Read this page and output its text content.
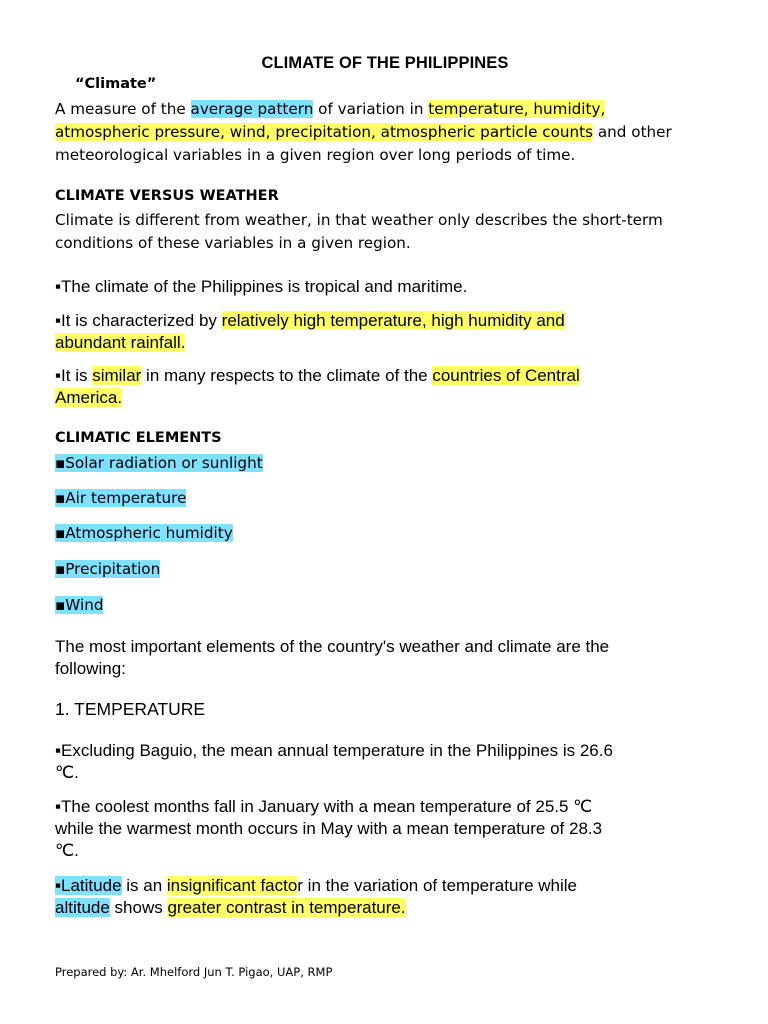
CLIMATE OF THE PHILIPPINES
“Climate”
A measure of the average pattern of variation in temperature, humidity,
atmospheric pressure, wind, precipitation, atmospheric particle counts and other
meteorological variables in a given region over long periods of time.
CLIMATE VERSUS WEATHER
Climate is different from weather, in that weather only describes the short-term
conditions of these variables in a given region.
▪The climate of the Philippines is tropical and maritime.
▪It is characterized by relatively high temperature, high humidity and
abundant rainfall.
▪It is similar in many respects to the climate of the countries of Central
America.
CLIMATIC ELEMENTS
▪Solar radiation or sunlight
▪Air temperature
▪Atmospheric humidity
▪Precipitation
▪Wind
The most important elements of the country's weather and climate are the
following:
1. TEMPERATURE
▪Excluding Baguio, the mean annual temperature in the Philippines is 26.6
℃.
▪The coolest months fall in January with a mean temperature of 25.5 ℃
while the warmest month occurs in May with a mean temperature of 28.3
℃.
▪Latitude is an insignificant factor in the variation of temperature while
altitude shows greater contrast in temperature.
Prepared by: Ar. Mhelford Jun T. Pigao, UAP, RMP
